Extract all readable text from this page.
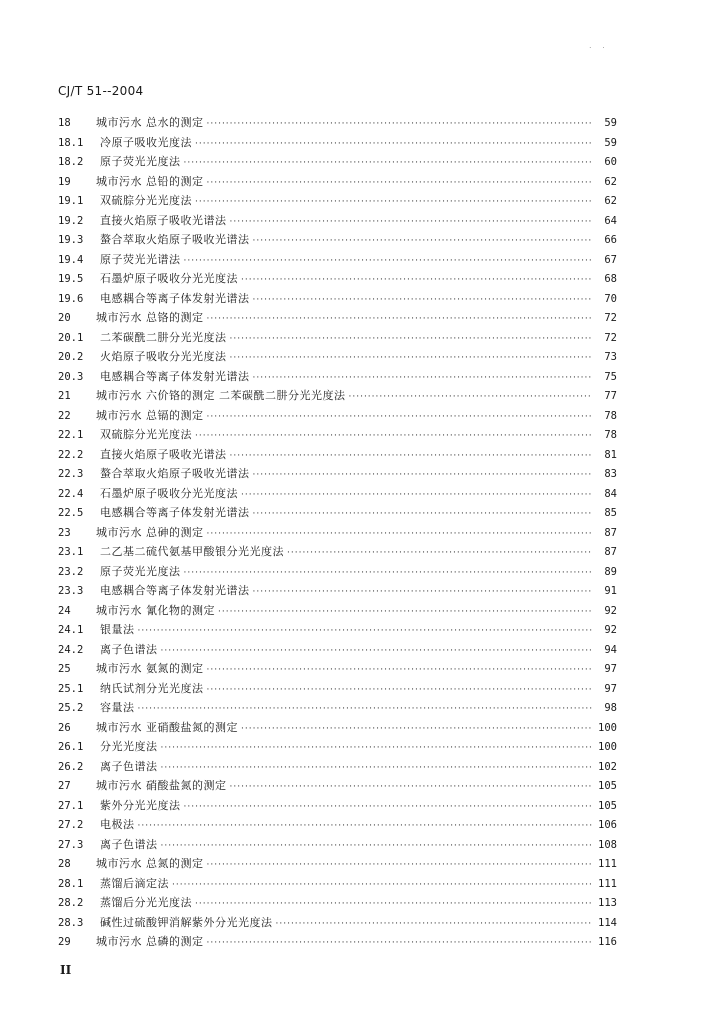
. .
CJ/T 51--2004
18	城市污水 总水的测定 ·····	59
18.1	冷原子吸收光度法 ·····	59
18.2	原子荧光光度法 ·····	60
19	城市污水 总铅的测定 ·····	62
19.1	双硫腙分光光度法 ·····	62
19.2	直接火焰原子吸收光谱法 ·····	64
19.3	螯合萃取火焰原子吸收光谱法 ·····	66
19.4	原子荧光光谱法 ·····	67
19.5	石墨炉原子吸收分光光度法 ·····	68
19.6	电感耦合等离子体发射光谱法 ·····	70
20	城市污水 总铬的测定 ·····	72
20.1	二苯碳酰二肼分光光度法 ·····	72
20.2	火焰原子吸收分光光度法 ·····	73
20.3	电感耦合等离子体发射光谱法 ·····	75
21	城市污水 六价铬的测定 二苯碳酰二肼分光光度法 ·····	77
22	城市污水 总镉的测定 ·····	78
22.1	双硫腙分光光度法 ·····	78
22.2	直接火焰原子吸收光谱法 ·····	81
22.3	螯合萃取火焰原子吸收光谱法 ·····	83
22.4	石墨炉原子吸收分光光度法 ·····	84
22.5	电感耦合等离子体发射光谱法 ·····	85
23	城市污水 总砷的测定 ·····	87
23.1	二乙基二硫代氨基甲酸银分光光度法 ·····	87
23.2	原子荧光光度法 ·····	89
23.3	电感耦合等离子体发射光谱法 ·····	91
24	城市污水 氰化物的测定 ·····	92
24.1	银量法 ·····	92
24.2	离子色谱法 ·····	94
25	城市污水 氨氮的测定 ·····	97
25.1	纳氏试剂分光光度法 ·····	97
25.2	容量法 ·····	98
26	城市污水 亚硝酸盐氮的测定 ·····	100
26.1	分光光度法 ·····	100
26.2	离子色谱法 ·····	102
27	城市污水 硝酸盐氮的测定 ·····	105
27.1	紫外分光光度法 ·····	105
27.2	电极法 ·····	106
27.3	离子色谱法 ·····	108
28	城市污水 总氮的测定 ·····	111
28.1	蒸馏后滴定法 ·····	111
28.2	蒸馏后分光光度法 ·····	113
28.3	碱性过硫酸钾消解紫外分光光度法 ·····	114
29	城市污水 总磷的测定 ·····	116
II
